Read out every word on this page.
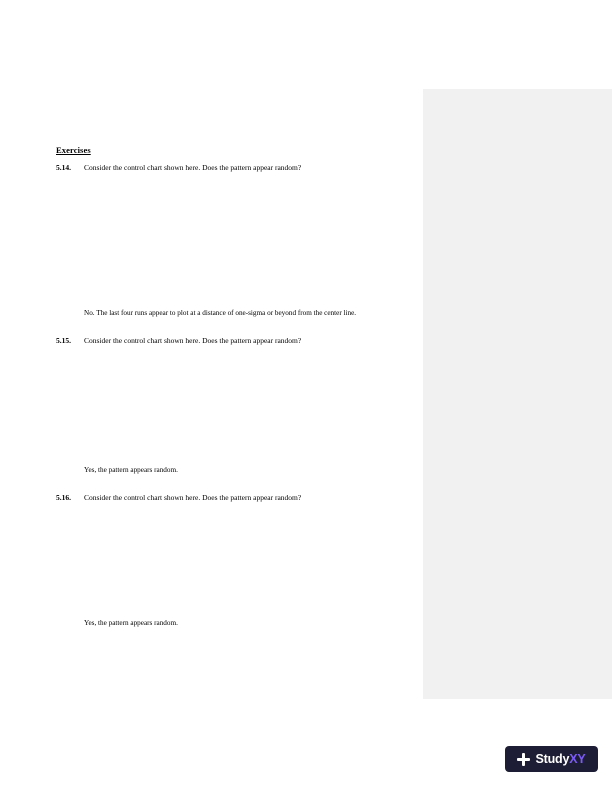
Exercises
5.14. Consider the control chart shown here. Does the pattern appear random?
No. The last four runs appear to plot at a distance of one-sigma or beyond from the center line.
5.15. Consider the control chart shown here. Does the pattern appear random?
Yes, the pattern appears random.
5.16. Consider the control chart shown here. Does the pattern appear random?
Yes, the pattern appears random.
StudyXY
